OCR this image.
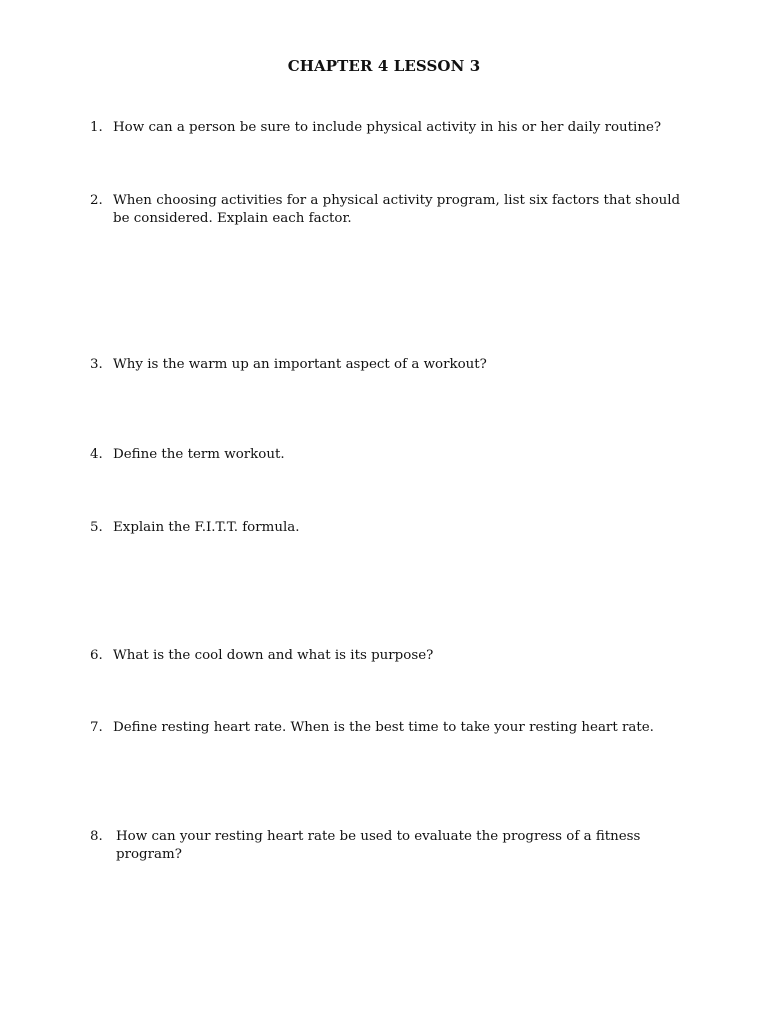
CHAPTER 4 LESSON 3
1. How can a person be sure to include physical activity in his or her daily routine?
2. When choosing activities for a physical activity program, list six factors that should be considered. Explain each factor.
3. Why is the warm up an important aspect of a workout?
4. Define the term workout.
5. Explain the F.I.T.T. formula.
6. What is the cool down and what is its purpose?
7. Define resting heart rate. When is the best time to take your resting heart rate.
8. How can your resting heart rate be used to evaluate the progress of a fitness program?
